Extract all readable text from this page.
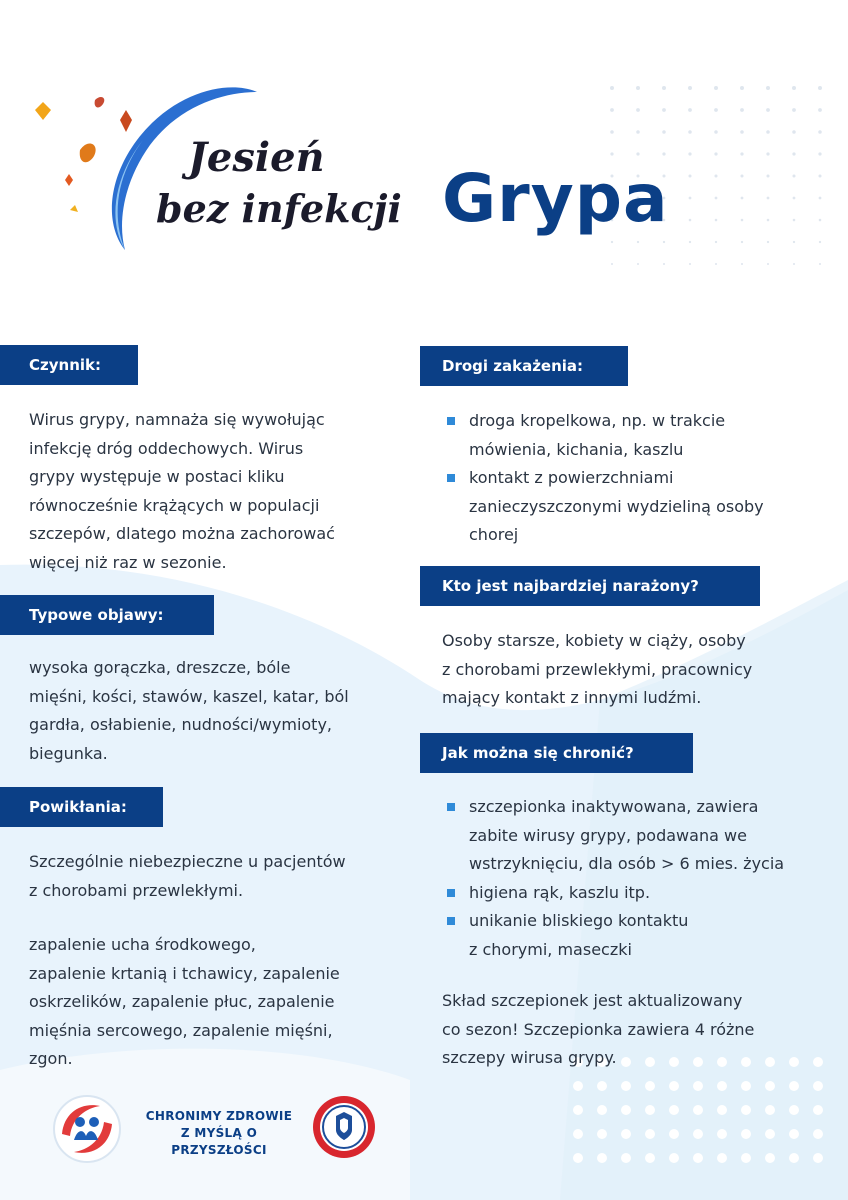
Jesień
bez infekcji Grypa
Czynnik:
Wirus grypy, namnaża się wywołując
infekcję dróg oddechowych. Wirus
grypy występuje w postaci kliku
równocześnie krążących w populacji
szczepów, dlatego można zachorować
więcej niż raz w sezonie.
Typowe objawy:
wysoka gorączka, dreszcze, bóle
mięśni, kości, stawów, kaszel, katar, ból
gardła, osłabienie, nudności/wymioty,
biegunka.
Powikłania:
Szczególnie niebezpieczne u pacjentów
z chorobami przewlekłymi.
zapalenie ucha środkowego,
zapalenie krtanią i tchawicy, zapalenie
oskrzelików, zapalenie płuc, zapalenie
mięśnia sercowego, zapalenie mięśni,
zgon.
Drogi zakażenia:
droga kropelkowa, np. w trakcie
mówienia, kichania, kaszlu
kontakt z powierzchniami
zanieczyszczonymi wydzieliną osoby
chorej
Kto jest najbardziej narażony?
Osoby starsze, kobiety w ciąży, osoby
z chorobami przewlekłymi, pracownicy
mający kontakt z innymi ludźmi.
Jak można się chronić?
szczepionka inaktywowana, zawiera
zabite wirusy grypy, podawana we
wstrzyknięciu, dla osób > 6 mies. życia
higiena rąk, kaszlu itp.
unikanie bliskiego kontaktu
z chorymi, maseczki
Skład szczepionek jest aktualizowany
co sezon! Szczepionka zawiera 4 różne
szczepy wirusa grypy.
CHRONIMY ZDROWIE
Z MYŚLĄ O PRZYSZŁOŚCI
